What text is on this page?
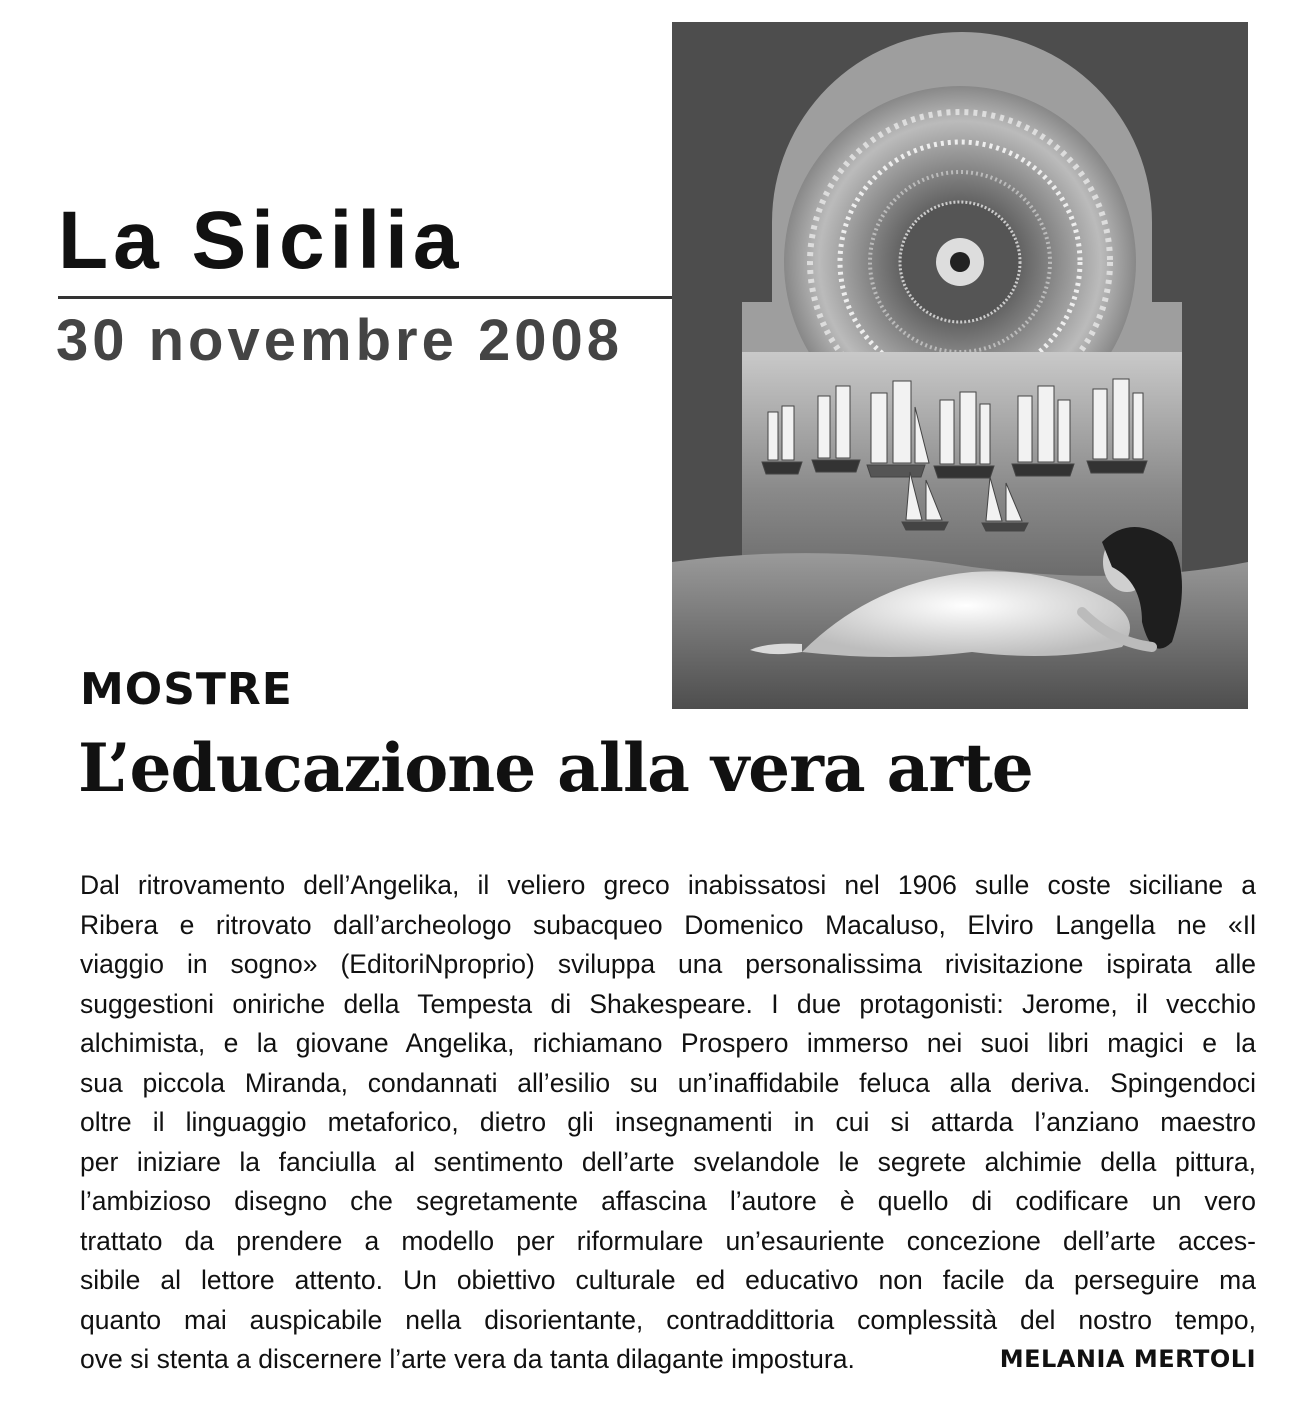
La Sicilia
30 novembre 2008
MOSTRE
L’educazione alla vera arte
Dal ritrovamento dell’Angelika, il veliero greco inabissatosi nel 1906 sulle coste siciliane a
Ribera e ritrovato dall’archeologo subacqueo Domenico Macaluso, Elviro Langella ne «Il
viaggio in sogno» (EditoriNproprio) sviluppa una personalissima rivisitazione ispirata alle
suggestioni oniriche della Tempesta di Shakespeare. I due protagonisti: Jerome, il vecchio
alchimista, e la giovane Angelika, richiamano Prospero immerso nei suoi libri magici e la
sua piccola Miranda, condannati all’esilio su un’inaffidabile feluca alla deriva. Spingendoci
oltre il linguaggio metaforico, dietro gli insegnamenti in cui si attarda l’anziano maestro
per iniziare la fanciulla al sentimento dell’arte svelandole le segrete alchimie della pittura,
l’ambizioso disegno che segretamente affascina l’autore è quello di codificare un vero
trattato da prendere a modello per riformulare un’esauriente concezione dell’arte acces-
sibile al lettore attento. Un obiettivo culturale ed educativo non facile da perseguire ma
quanto mai auspicabile nella disorientante, contraddittoria complessità del nostro tempo,
ove si stenta a discernere l’arte vera da tanta dilagante impostura.	MELANIA MERTOLI
